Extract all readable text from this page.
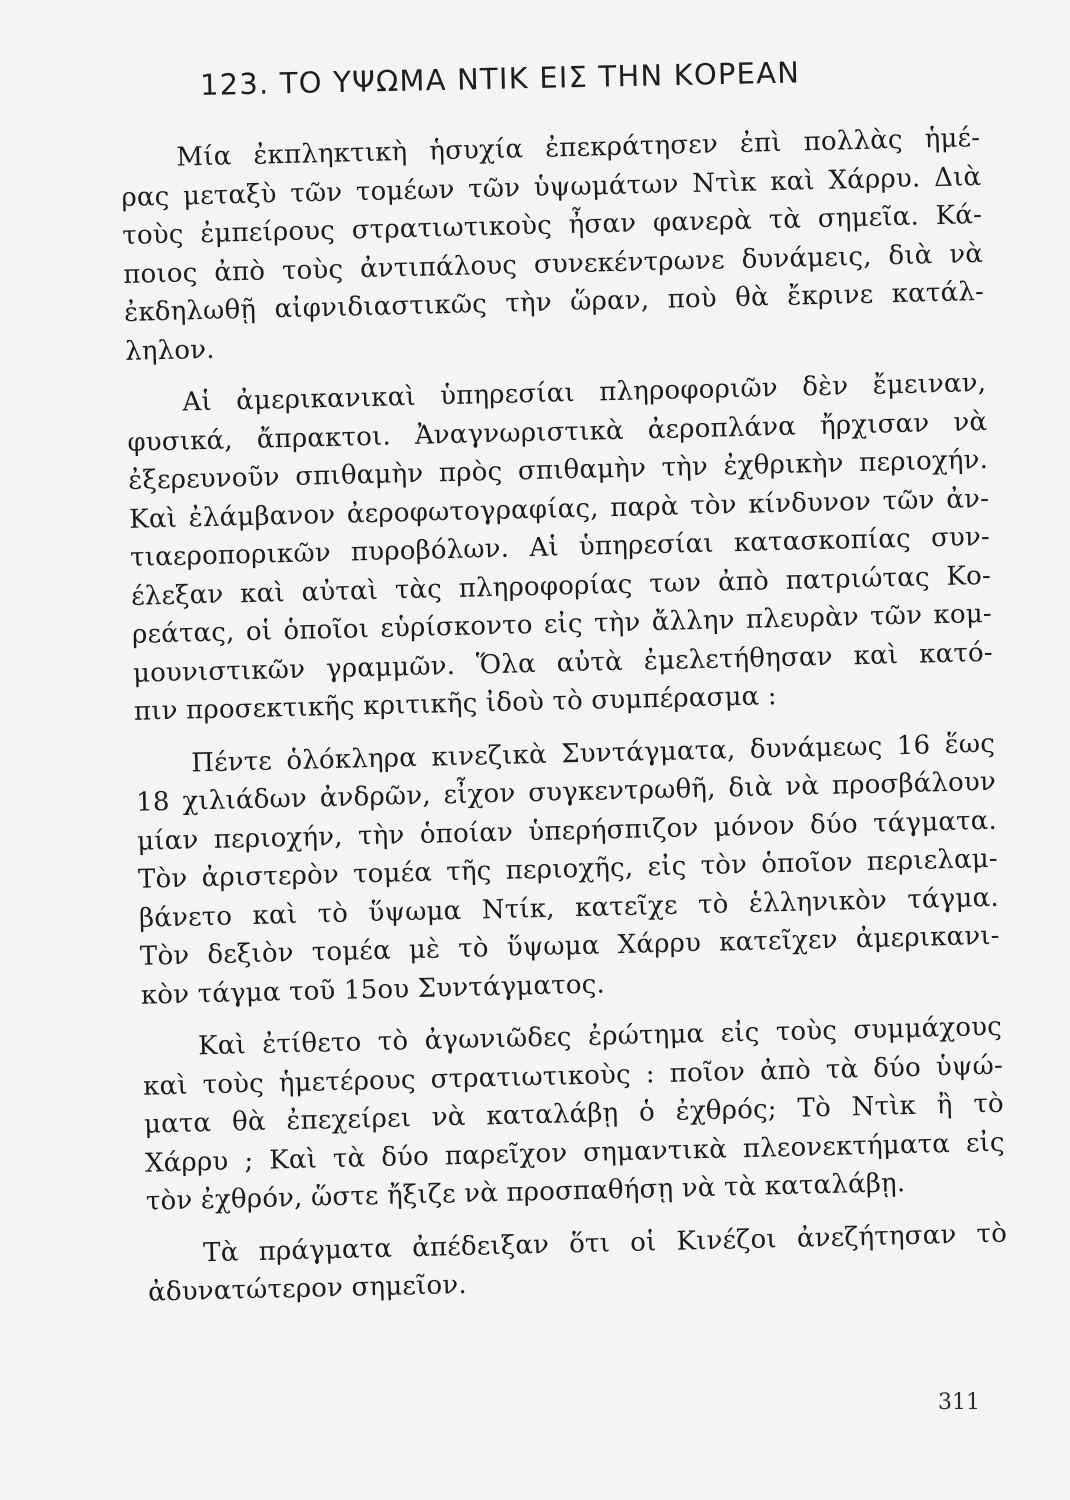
123. ΤΟ ΥΨΩΜΑ ΝΤΙΚ ΕΙΣ ΤΗΝ ΚΟΡΕΑΝ

Μία ἐκπληκτικὴ ἡσυχία ἐπεκράτησεν ἐπὶ πολλὰς ἡμέ-
ρας μεταξὺ τῶν τομέων τῶν ὑψωμάτων Ντὶκ καὶ Χάρρυ. Διὰ
τοὺς ἐμπείρους στρατιωτικοὺς ἦσαν φανερὰ τὰ σημεῖα. Κά-
ποιος ἀπὸ τοὺς ἀντιπάλους συνεκέντρωνε δυνάμεις, διὰ νὰ
ἐκδηλωθῇ αἰφνιδιαστικῶς τὴν ὥραν, ποὺ θὰ ἔκρινε κατάλ-
ληλον.

Αἱ ἀμερικανικαὶ ὑπηρεσίαι πληροφοριῶν δὲν ἔμειναν,
φυσικά, ἄπρακτοι. Ἀναγνωριστικὰ ἀεροπλάνα ἤρχισαν νὰ
ἐξερευνοῦν σπιθαμὴν πρὸς σπιθαμὴν τὴν ἐχθρικὴν περιοχήν.
Καὶ ἐλάμβανον ἀεροφωτογραφίας, παρὰ τὸν κίνδυνον τῶν ἀν-
τιαεροπορικῶν πυροβόλων. Αἱ ὑπηρεσίαι κατασκοπίας συν-
έλεξαν καὶ αὐταὶ τὰς πληροφορίας των ἀπὸ πατριώτας Κο-
ρεάτας, οἱ ὁποῖοι εὑρίσκοντο εἰς τὴν ἄλλην πλευρὰν τῶν κομ-
μουνιστικῶν γραμμῶν. Ὅλα αὐτὰ ἐμελετήθησαν καὶ κατό-
πιν προσεκτικῆς κριτικῆς ἰδοὺ τὸ συμπέρασμα :

Πέντε ὁλόκληρα κινεζικὰ Συντάγματα, δυνάμεως 16 ἕως
18 χιλιάδων ἀνδρῶν, εἶχον συγκεντρωθῆ, διὰ νὰ προσβάλουν
μίαν περιοχήν, τὴν ὁποίαν ὑπερήσπιζον μόνον δύο τάγματα.
Τὸν ἀριστερὸν τομέα τῆς περιοχῆς, εἰς τὸν ὁποῖον περιελαμ-
βάνετο καὶ τὸ ὕψωμα Ντίκ, κατεῖχε τὸ ἑλληνικὸν τάγμα.
Τὸν δεξιὸν τομέα μὲ τὸ ὕψωμα Χάρρυ κατεῖχεν ἀμερικανι-
κὸν τάγμα τοῦ 15ου Συντάγματος.

Καὶ ἐτίθετο τὸ ἀγωνιῶδες ἐρώτημα εἰς τοὺς συμμάχους
καὶ τοὺς ἡμετέρους στρατιωτικοὺς : ποῖον ἀπὸ τὰ δύο ὑψώ-
ματα θὰ ἐπεχείρει νὰ καταλάβῃ ὁ ἐχθρός; Τὸ Ντὶκ ἢ τὸ
Χάρρυ ; Καὶ τὰ δύο παρεῖχον σημαντικὰ πλεονεκτήματα εἰς
τὸν ἐχθρόν, ὥστε ἤξιζε νὰ προσπαθήσῃ νὰ τὰ καταλάβῃ.

Τὰ πράγματα ἀπέδειξαν ὅτι οἱ Κινέζοι ἀνεζήτησαν τὸ
ἀδυνατώτερον σημεῖον.

311
